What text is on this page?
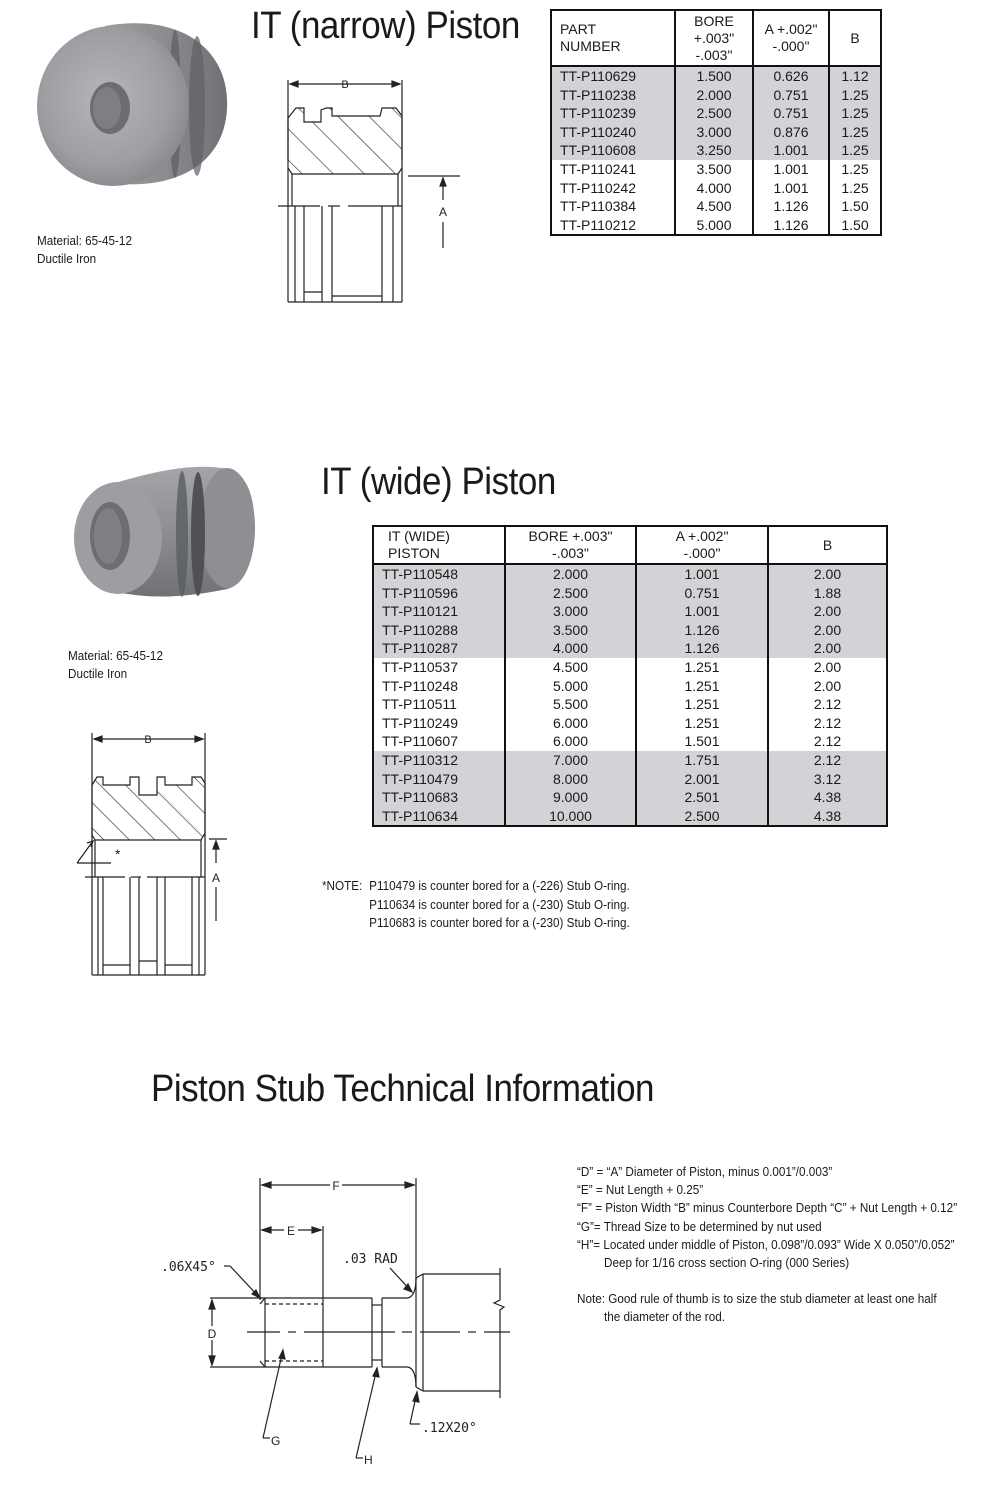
Material: 65-45-12
Ductile Iron
IT (narrow) Piston
B
A
PART
NUMBER	BORE
+.003"
-.003"	A +.002"
-.000"	B
TT-P110629	1.500	0.626	1.12
TT-P110238	2.000	0.751	1.25
TT-P110239	2.500	0.751	1.25
TT-P110240	3.000	0.876	1.25
TT-P110608	3.250	1.001	1.25
TT-P110241	3.500	1.001	1.25
TT-P110242	4.000	1.001	1.25
TT-P110384	4.500	1.126	1.50
TT-P110212	5.000	1.126	1.50
Material: 65-45-12
Ductile Iron
IT (wide) Piston
B
*
A
IT (WIDE)
PISTON	BORE +.003"
-.003"	A +.002"
-.000"	B
TT-P110548	2.000	1.001	2.00
TT-P110596	2.500	0.751	1.88
TT-P110121	3.000	1.001	2.00
TT-P110288	3.500	1.126	2.00
TT-P110287	4.000	1.126	2.00
TT-P110537	4.500	1.251	2.00
TT-P110248	5.000	1.251	2.00
TT-P110511	5.500	1.251	2.12
TT-P110249	6.000	1.251	2.12
TT-P110607	6.000	1.501	2.12
TT-P110312	7.000	1.751	2.12
TT-P110479	8.000	2.001	3.12
TT-P110683	9.000	2.501	4.38
TT-P110634	10.000	2.500	4.38
*NOTE: P110479 is counter bored for a (-226) Stub O-ring.
P110634 is counter bored for a (-230) Stub O-ring.
P110683 is counter bored for a (-230) Stub O-ring.
Piston Stub Technical Information
F
E
D
.06X45°
.03 RAD
.12X20°
G
H
“D” = “A” Diameter of Piston, minus 0.001”/0.003”
“E” = Nut Length + 0.25”
“F” = Piston Width “B” minus Counterbore Depth “C” + Nut Length + 0.12”
“G”= Thread Size to be determined by nut used
“H”= Located under middle of Piston, 0.098”/0.093” Wide X 0.050”/0.052”
Deep for 1/16 cross section O-ring (000 Series)
Note: Good rule of thumb is to size the stub diameter at least one half
the diameter of the rod.
